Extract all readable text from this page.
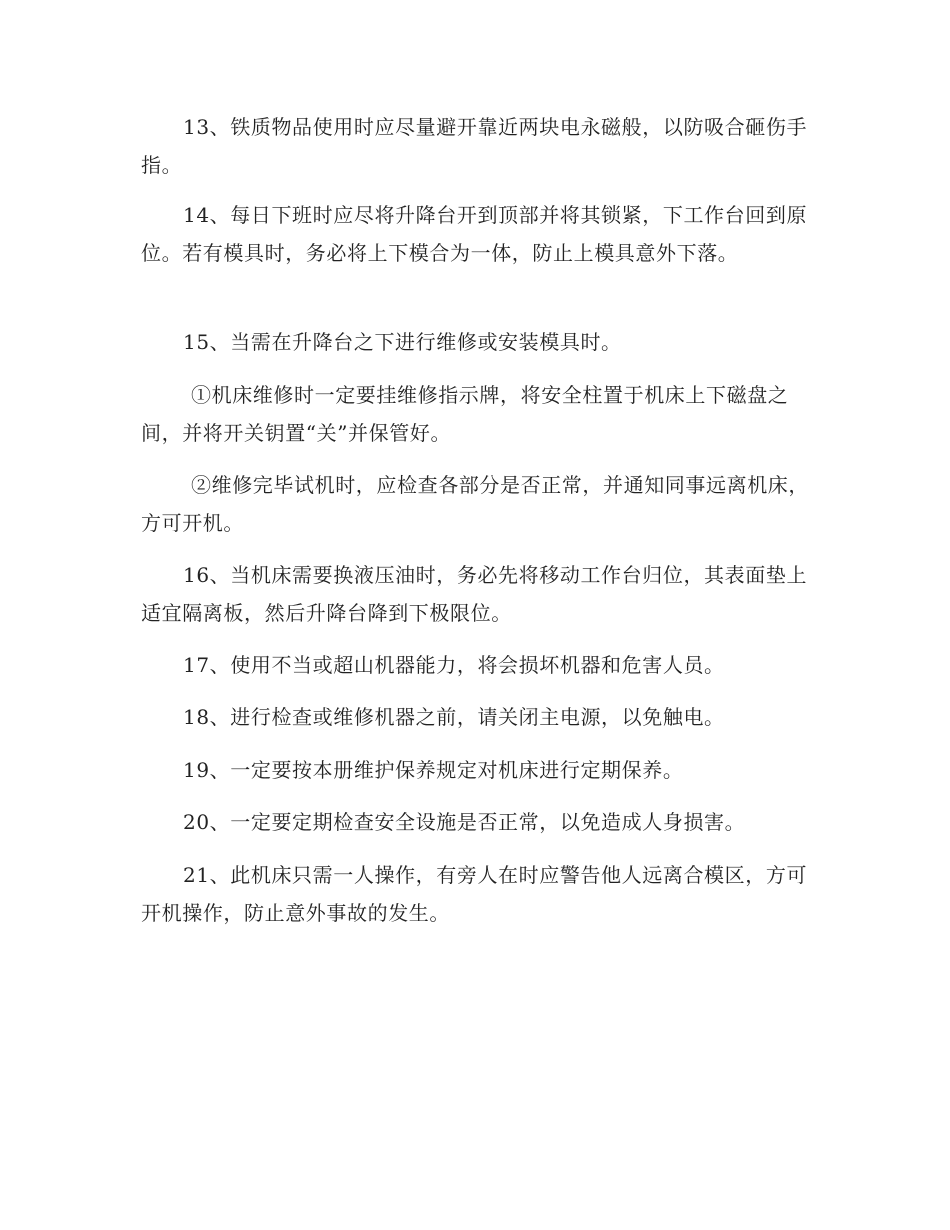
13、铁质物品使用时应尽量避开靠近两块电永磁般，以防吸合砸伤手指。

14、每日下班时应尽将升降台开到顶部并将其锁紧，下工作台回到原位。若有模具时，务必将上下模合为一体，防止上模具意外下落。

15、当需在升降台之下进行维修或安装模具时。

①机床维修时一定要挂维修指示牌，将安全柱置于机床上下磁盘之间，并将开关钥置“关”并保管好。

②维修完毕试机时，应检查各部分是否正常，并通知同事远离机床，方可开机。

16、当机床需要换液压油时，务必先将移动工作台归位，其表面垫上适宜隔离板，然后升降台降到下极限位。

17、使用不当或超山机器能力，将会损坏机器和危害人员。

18、进行检查或维修机器之前，请关闭主电源，以免触电。

19、一定要按本册维护保养规定对机床进行定期保养。

20、一定要定期检查安全设施是否正常，以免造成人身损害。

21、此机床只需一人操作，有旁人在时应警告他人远离合模区，方可开机操作，防止意外事故的发生。
